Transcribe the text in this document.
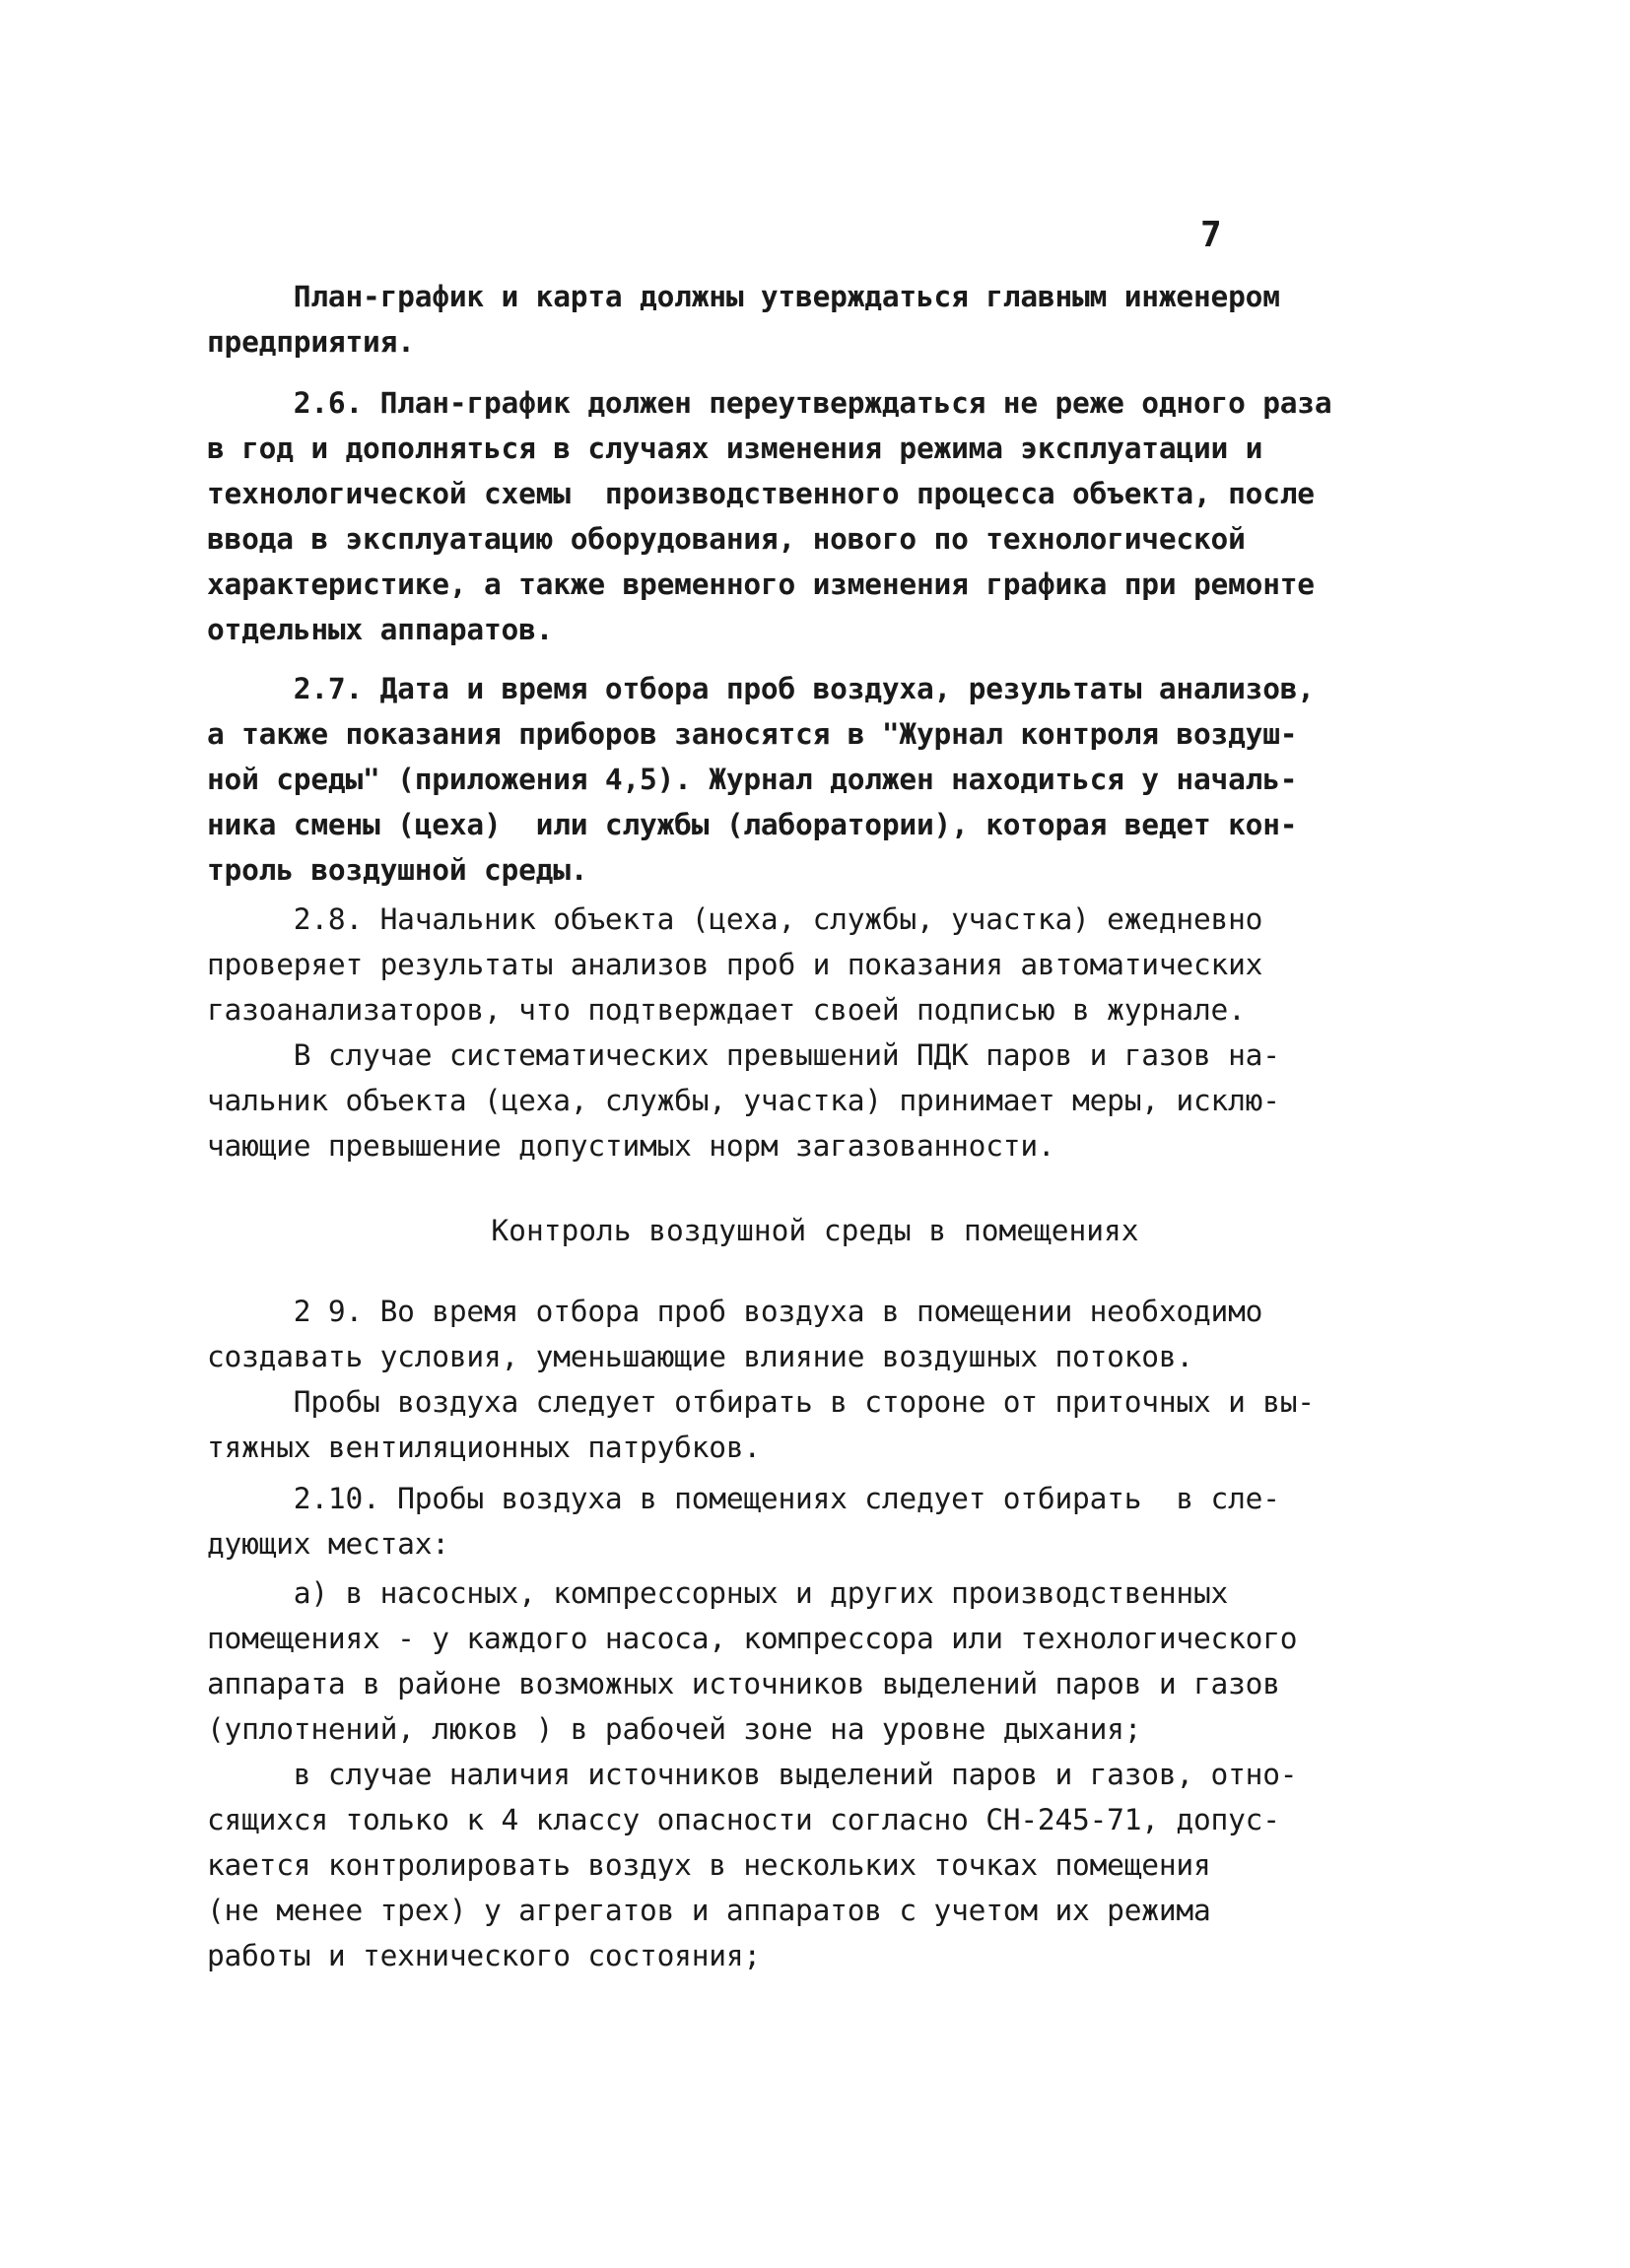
7
План-график и карта должны утверждаться главным инженером
предприятия.
2.6. План-график должен переутверждаться не реже одного раза
в год и дополняться в случаях изменения режима эксплуатации и
технологической схемы  производственного процесса объекта, после
ввода в эксплуатацию оборудования, нового по технологической
характеристике, а также временного изменения графика при ремонте
отдельных аппаратов.
2.7. Дата и время отбора проб воздуха, результаты анализов,
а также показания приборов заносятся в "Журнал контроля воздуш-
ной среды" (приложения 4,5). Журнал должен находиться у началь-
ника смены (цеха)  или службы (лаборатории), которая ведет кон-
троль воздушной среды.
2.8. Начальник объекта (цеха, службы, участка) ежедневно
проверяет результаты анализов проб и показания автоматических
газоанализаторов, что подтверждает своей подписью в журнале.
В случае систематических превышений ПДК паров и газов на-
чальник объекта (цеха, службы, участка) принимает меры, исклю-
чающие превышение допустимых норм загазованности.
Контроль воздушной среды в помещениях
2 9. Во время отбора проб воздуха в помещении необходимо
создавать условия, уменьшающие влияние воздушных потоков.
Пробы воздуха следует отбирать в стороне от приточных и вы-
тяжных вентиляционных патрубков.
2.10. Пробы воздуха в помещениях следует отбирать  в сле-
дующих местах:
а) в насосных, компрессорных и других производственных
помещениях - у каждого насоса, компрессора или технологического
аппарата в районе возможных источников выделений паров и газов
(уплотнений, люков ) в рабочей зоне на уровне дыхания;
в случае наличия источников выделений паров и газов, отно-
сящихся только к 4 классу опасности согласно СН-245-71, допус-
кается контролировать воздух в нескольких точках помещения
(не менее трех) у агрегатов и аппаратов с учетом их режима
работы и технического состояния;
